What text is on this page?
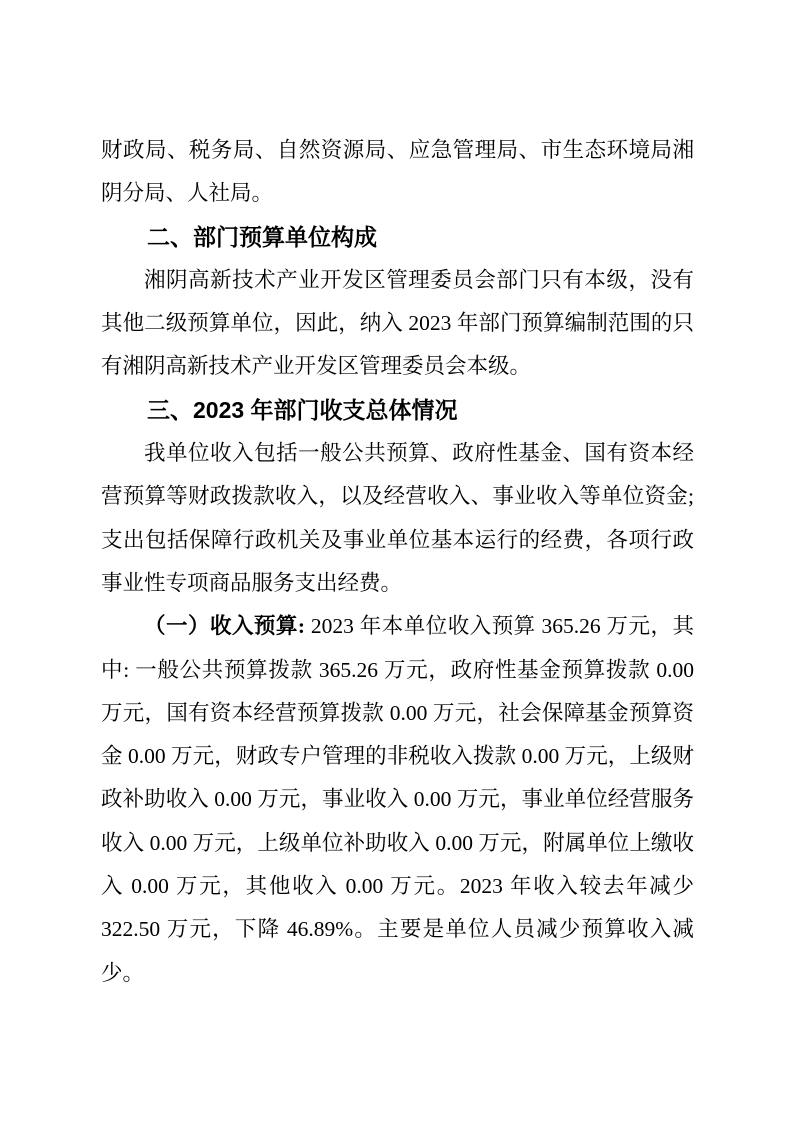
财政局、税务局、自然资源局、应急管理局、市生态环境局湘阴分局、人社局。

二、部门预算单位构成

湘阴高新技术产业开发区管理委员会部门只有本级，没有其他二级预算单位，因此，纳入 2023 年部门预算编制范围的只有湘阴高新技术产业开发区管理委员会本级。

三、2023 年部门收支总体情况

我单位收入包括一般公共预算、政府性基金、国有资本经营预算等财政拨款收入，以及经营收入、事业收入等单位资金;支出包括保障行政机关及事业单位基本运行的经费，各项行政事业性专项商品服务支出经费。

（一）收入预算: 2023 年本单位收入预算 365.26 万元，其中: 一般公共预算拨款 365.26 万元，政府性基金预算拨款 0.00 万元，国有资本经营预算拨款 0.00 万元，社会保障基金预算资金 0.00 万元，财政专户管理的非税收入拨款 0.00 万元，上级财政补助收入 0.00 万元，事业收入 0.00 万元，事业单位经营服务收入 0.00 万元，上级单位补助收入 0.00 万元，附属单位上缴收入 0.00 万元，其他收入 0.00 万元。2023 年收入较去年减少 322.50 万元，下降 46.89%。主要是单位人员减少预算收入减少。
